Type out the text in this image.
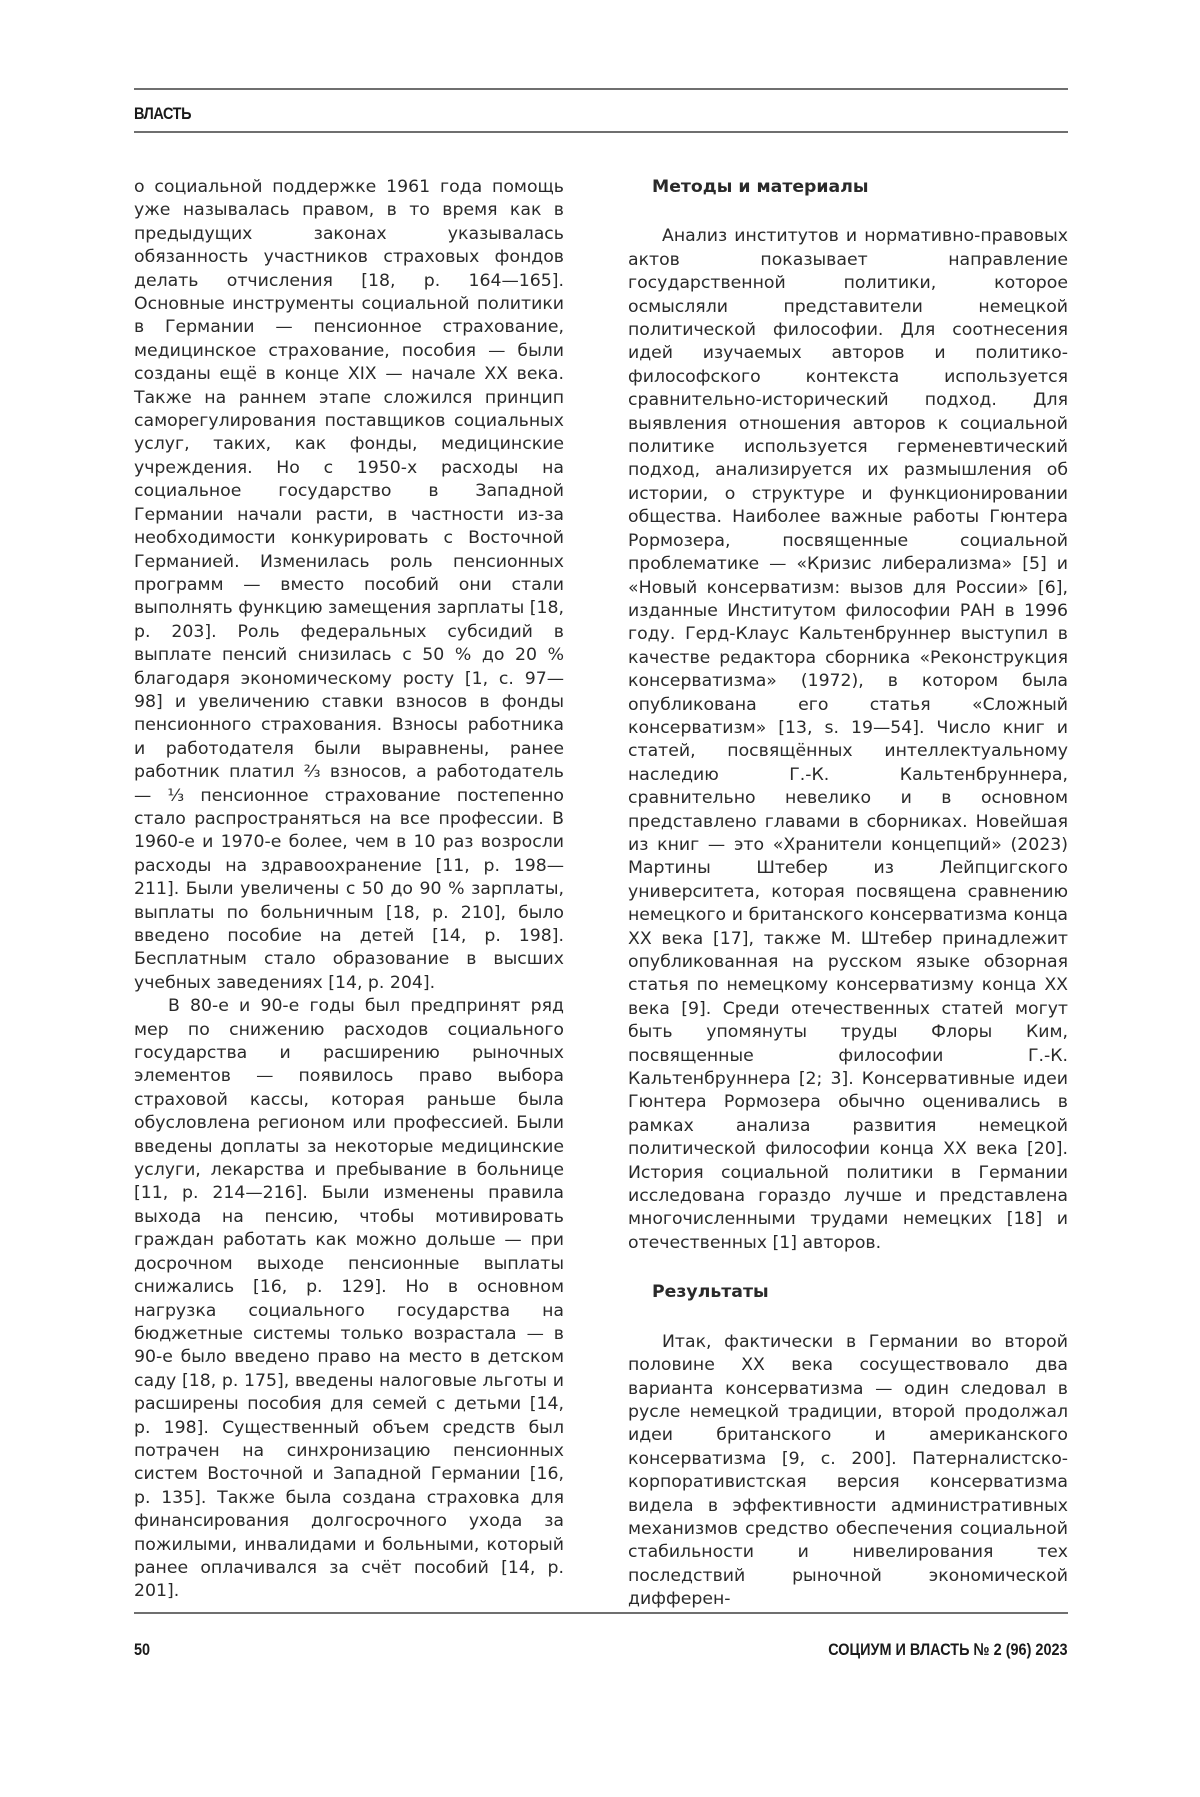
ВЛАСТЬ

о социальной поддержке 1961 года помощь уже называлась правом, в то время как в предыдущих законах указывалась обязанность участников страховых фондов делать отчисления [18, p. 164—165]. Основные инструменты социальной политики в Германии — пенсионное страхование, медицинское страхование, пособия — были созданы ещё в конце XIX — начале XX века. Также на раннем этапе сложился принцип саморегулирования поставщиков социальных услуг, таких, как фонды, медицинские учреждения. Но с 1950-х расходы на социальное государство в Западной Германии начали расти, в частности из-за необходимости конкурировать с Восточной Германией. Изменилась роль пенсионных программ — вместо пособий они стали выполнять функцию замещения зарплаты [18, p. 203]. Роль федеральных субсидий в выплате пенсий снизилась с 50 % до 20 % благодаря экономическому росту [1, с. 97—98] и увеличению ставки взносов в фонды пенсионного страхования. Взносы работника и работодателя были выравнены, ранее работник платил ⅔ взносов, а работодатель — ⅓ пенсионное страхование постепенно стало распространяться на все профессии. В 1960-е и 1970-е более, чем в 10 раз возросли расходы на здравоохранение [11, p. 198—211]. Были увеличены с 50 до 90 % зарплаты, выплаты по больничным [18, p. 210], было введено пособие на детей [14, p. 198]. Бесплатным стало образование в высших учебных заведениях [14, p. 204].

В 80-е и 90-е годы был предпринят ряд мер по снижению расходов социального государства и расширению рыночных элементов — появилось право выбора страховой кассы, которая раньше была обусловлена регионом или профессией. Были введены доплаты за некоторые медицинские услуги, лекарства и пребывание в больнице [11, p. 214—216]. Были изменены правила выхода на пенсию, чтобы мотивировать граждан работать как можно дольше — при досрочном выходе пенсионные выплаты снижались [16, p. 129]. Но в основном нагрузка социального государства на бюджетные системы только возрастала — в 90-е было введено право на место в детском саду [18, p. 175], введены налоговые льготы и расширены пособия для семей с детьми [14, p. 198]. Существенный объем средств был потрачен на синхронизацию пенсионных систем Восточной и Западной Германии [16, p. 135]. Также была создана страховка для финансирования долгосрочного ухода за пожилыми, инвалидами и больными, который ранее оплачивался за счёт пособий [14, p. 201].

Методы и материалы

Анализ институтов и нормативно-правовых актов показывает направление государственной политики, которое осмысляли представители немецкой политической философии. Для соотнесения идей изучаемых авторов и политико-философского контекста используется сравнительно-исторический подход. Для выявления отношения авторов к социальной политике используется герменевтический подход, анализируется их размышления об истории, о структуре и функционировании общества. Наиболее важные работы Гюнтера Рормозера, посвященные социальной проблематике — «Кризис либерализма» [5] и «Новый консерватизм: вызов для России» [6], изданные Институтом философии РАН в 1996 году. Герд-Клаус Кальтенбруннер выступил в качестве редактора сборника «Реконструкция консерватизма» (1972), в котором была опубликована его статья «Сложный консерватизм» [13, s. 19—54]. Число книг и статей, посвящённых интеллектуальному наследию Г.-К. Кальтенбруннера, сравнительно невелико и в основном представлено главами в сборниках. Новейшая из книг — это «Хранители концепций» (2023) Мартины Штебер из Лейпцигского университета, которая посвящена сравнению немецкого и британского консерватизма конца XX века [17], также М. Штебер принадлежит опубликованная на русском языке обзорная статья по немецкому консерватизму конца XX века [9]. Среди отечественных статей могут быть упомянуты труды Флоры Ким, посвященные философии Г.-К. Кальтенбруннера [2; 3]. Консервативные идеи Гюнтера Рормозера обычно оценивались в рамках анализа развития немецкой политической философии конца XX века [20]. История социальной политики в Германии исследована гораздо лучше и представлена многочисленными трудами немецких [18] и отечественных [1] авторов.

Результаты

Итак, фактически в Германии во второй половине XX века сосуществовало два варианта консерватизма — один следовал в русле немецкой традиции, второй продолжал идеи британского и американского консерватизма [9, с. 200]. Патерналистско-корпоративистская версия консерватизма видела в эффективности административных механизмов средство обеспечения социальной стабильности и нивелирования тех последствий рыночной экономической дифферен-

50	СОЦИУМ И ВЛАСТЬ № 2 (96) 2023
